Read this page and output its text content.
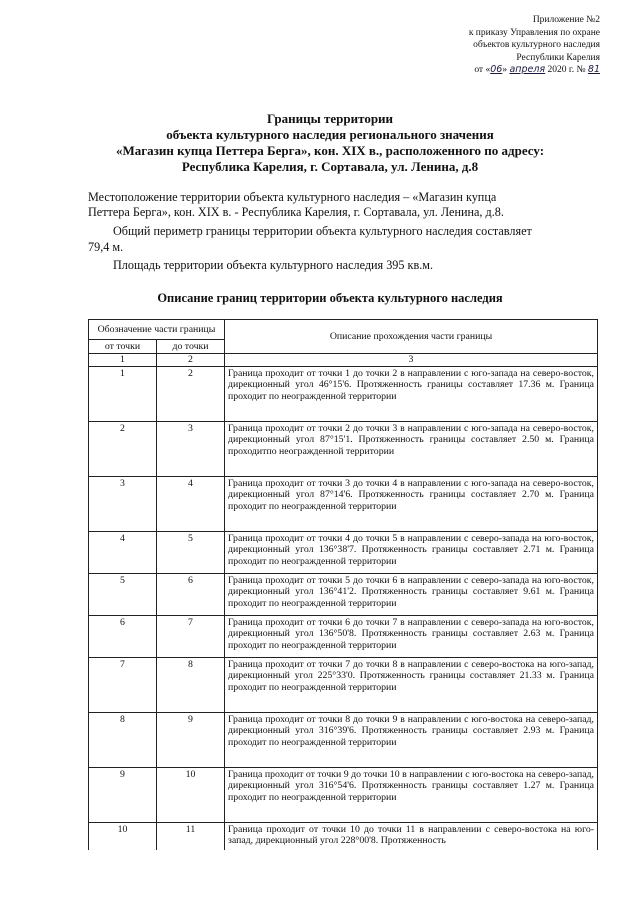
Приложение №2
к приказу Управления по охране
объектов культурного наследия
Республики Карелия
от «06» апреля 2020 г. № 81
Границы территории
объекта культурного наследия регионального значения
«Магазин купца Петтера Берга», кон. XIX в., расположенного по адресу:
Республика Карелия, г. Сортавала, ул. Ленина, д.8
Местоположение территории объекта культурного наследия – «Магазин купца
Петтера Берга», кон. XIX в. - Республика Карелия, г. Сортавала, ул. Ленина, д.8.
Общий периметр границы территории объекта культурного наследия составляет
79,4 м.
Площадь территории объекта культурного наследия 395 кв.м.
Описание границ территории объекта культурного наследия
Обозначение части границы		Описание прохождения части границы
от точки	до точки	
1	2	3
1	2	Граница проходит от точки 1 до точки 2 в направлении с юго-запада на северо-восток, дирекционный угол 46°15'6. Протяженность границы составляет 17.36 м. Граница проходит по неогражденной территории
2	3	Граница проходит от точки 2 до точки 3 в направлении с юго-запада на северо-восток, дирекционный угол 87°15'1. Протяженность границы составляет 2.50 м. Граница проходитпо неогражденной территории
3	4	Граница проходит от точки 3 до точки 4 в направлении с юго-запада на северо-восток, дирекционный угол 87°14'6. Протяженность границы составляет 2.70 м. Граница проходит по неогражденной территории
4	5	Граница проходит от точки 4 до точки 5 в направлении с северо-запада на юго-восток, дирекционный угол 136°38'7. Протяженность границы составляет 2.71 м. Граница проходит по неогражденной территории
5	6	Граница проходит от точки 5 до точки 6 в направлении с северо-запада на юго-восток, дирекционный угол 136°41'2. Протяженность границы составляет 9.61 м. Граница проходит по неогражденной территории
6	7	Граница проходит от точки 6 до точки 7 в направлении с северо-запада на юго-восток, дирекционный угол 136°50'8. Протяженность границы составляет 2.63 м. Граница проходит по неогражденной территории
7	8	Граница проходит от точки 7 до точки 8 в направлении с северо-востока на юго-запад, дирекционный угол 225°33'0. Протяженность границы составляет 21.33 м. Граница проходит по неогражденной территории
8	9	Граница проходит от точки 8 до точки 9 в направлении с юго-востока на северо-запад, дирекционный угол 316°39'6. Протяженность границы составляет 2.93 м. Граница проходит по неогражденной территории
9	10	Граница проходит от точки 9 до точки 10 в направлении с юго-востока на северо-запад, дирекционный угол 316°54'6. Протяженность границы составляет 1.27 м. Граница проходит по неогражденной территории
10	11	Граница проходит от точки 10 до точки 11 в направлении с северо-востока на юго-запад, дирекционный угол 228°00'8. Протяженность
